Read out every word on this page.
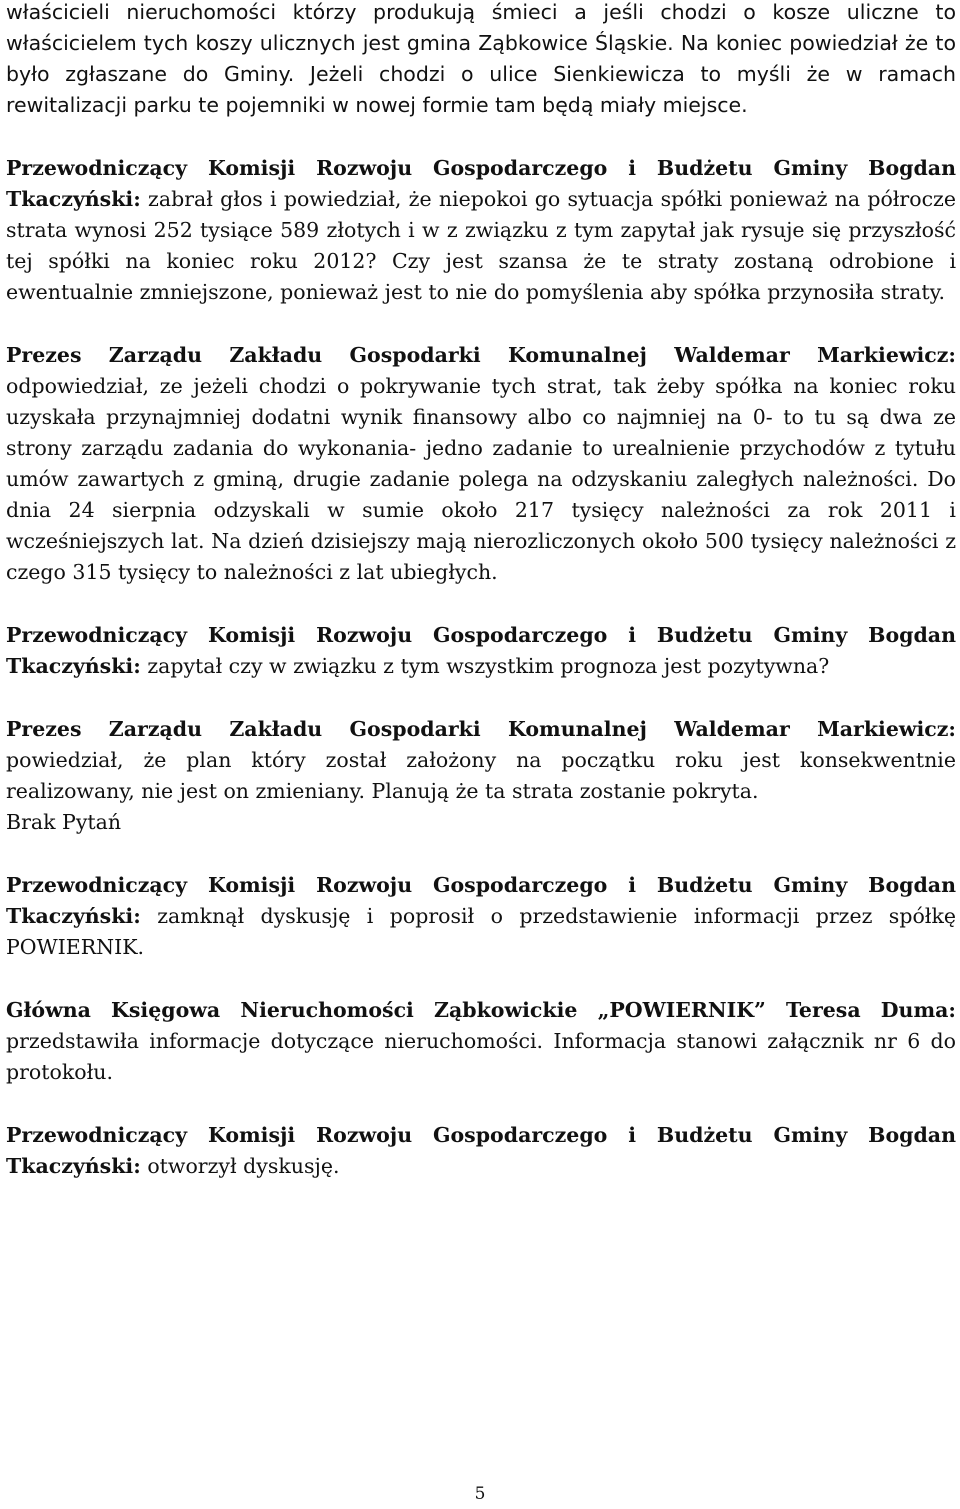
właścicieli nieruchomości którzy produkują śmieci a jeśli chodzi o kosze uliczne to właścicielem tych koszy ulicznych jest gmina Ząbkowice Śląskie. Na koniec powiedział że to było zgłaszane do Gminy. Jeżeli chodzi o ulice Sienkiewicza to myśli że w ramach rewitalizacji parku te pojemniki w nowej formie tam będą miały miejsce.

Przewodniczący Komisji Rozwoju Gospodarczego i Budżetu Gminy Bogdan Tkaczyński: zabrał głos i powiedział, że niepokoi go sytuacja spółki ponieważ na półrocze strata wynosi 252 tysiące 589 złotych i w z związku z tym zapytał jak rysuje się przyszłość tej spółki na koniec roku 2012? Czy jest szansa że te straty zostaną odrobione i ewentualnie zmniejszone, ponieważ jest to nie do pomyślenia aby spółka przynosiła straty.

Prezes Zarządu Zakładu Gospodarki Komunalnej Waldemar Markiewicz: odpowiedział, ze jeżeli chodzi o pokrywanie tych strat, tak żeby spółka na koniec roku uzyskała przynajmniej dodatni wynik finansowy albo co najmniej na 0- to tu są dwa ze strony zarządu zadania do wykonania- jedno zadanie to urealnienie przychodów z tytułu umów zawartych z gminą, drugie zadanie polega na odzyskaniu zaległych należności. Do dnia 24 sierpnia odzyskali w sumie około 217 tysięcy należności za rok 2011 i wcześniejszych lat. Na dzień dzisiejszy mają nierozliczonych około 500 tysięcy należności z czego 315 tysięcy to należności z lat ubiegłych.

Przewodniczący Komisji Rozwoju Gospodarczego i Budżetu Gminy Bogdan Tkaczyński: zapytał czy w związku z tym wszystkim prognoza jest pozytywna?

Prezes Zarządu Zakładu Gospodarki Komunalnej Waldemar Markiewicz: powiedział, że plan który został założony na początku roku jest konsekwentnie realizowany, nie jest on zmieniany. Planują że ta strata zostanie pokryta.

Brak Pytań

Przewodniczący Komisji Rozwoju Gospodarczego i Budżetu Gminy Bogdan Tkaczyński: zamknął dyskusję i poprosił o przedstawienie informacji przez spółkę POWIERNIK.

Główna Księgowa Nieruchomości Ząbkowickie „POWIERNIK” Teresa Duma: przedstawiła informacje dotyczące nieruchomości. Informacja stanowi załącznik nr 6 do protokołu.

Przewodniczący Komisji Rozwoju Gospodarczego i Budżetu Gminy Bogdan Tkaczyński: otworzył dyskusję.

5
